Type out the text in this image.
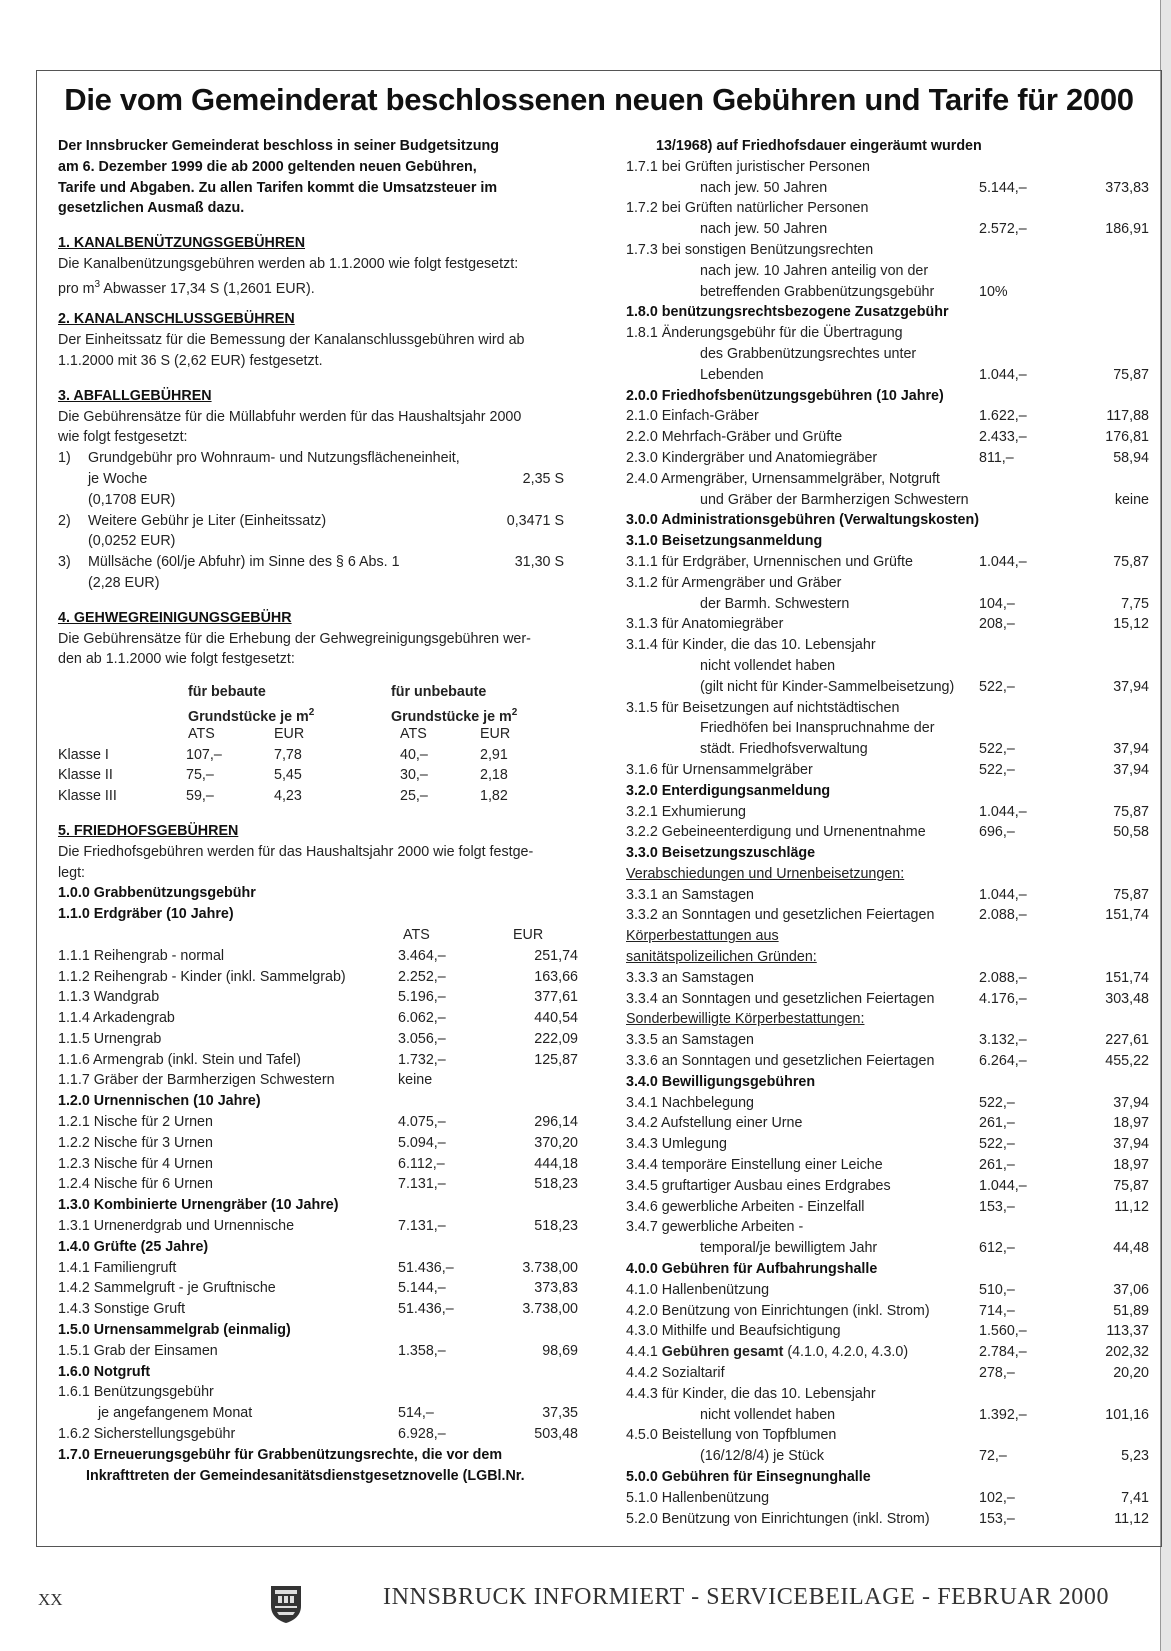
Die vom Gemeinderat beschlossenen neuen Gebühren und Tarife für 2000

Der Innsbrucker Gemeinderat beschloss in seiner Budgetsitzung

am 6. Dezember 1999 die ab 2000 geltenden neuen Gebühren,

Tarife und Abgaben. Zu allen Tarifen kommt die Umsatzsteuer im

gesetzlichen Ausmaß dazu.

1. KANALBENÜTZUNGSGEBÜHREN
Die Kanalbenützungsgebühren werden ab 1.1.2000 wie folgt festgesetzt:
pro $m^3$ Abwasser 17,34 S (1,2601 EUR).
2. KANALANSCHLUSSGEBÜHREN
Der Einheitssatz für die Bemessung der Kanalanschlussgebühren wird ab
1.1.2000 mit 36 S (2,62 EUR) festgesetzt.
3. ABFALLGEBÜHREN
Die Gebührensätze für die Müllabfuhr werden für das Haushaltsjahr 2000
wie folgt festgesetzt:
1) Grundgebühr pro Wohnraum- und Nutzungsflächeneinheit,
je Woche	2,35 S
(0,1708 EUR)
2) Weitere Gebühr je Liter (Einheitssatz)	0,3471 S
(0,0252 EUR)
3) Müllsäche (60l/je Abfuhr) im Sinne des § 6 Abs. 1	31,30 S
(2,28 EUR)
4. GEHWEGREINIGUNGSGEBÜHR
Die Gebührensätze für die Erhebung der Gehwegreinigungsgebühren wer-
den ab 1.1.2000 wie folgt festgesetzt:
für bebaute	für unbebaute
Grundstücke je $m^2$	Grundstücke je $m^2$
ATS	EUR	ATS	EUR
Klasse I	107,–	7,78	40,–	2,91
Klasse II	75,–	5,45	30,–	2,18
Klasse III	59,–	4,23	25,–	1,82
5. FRIEDHOFSGEBÜHREN
Die Friedhofsgebühren werden für das Haushaltsjahr 2000 wie folgt festge-
legt:
1.0.0 Grabbenützungsgebühr
1.1.0 Erdgräber (10 Jahre)
ATS	EUR
1.1.1 Reihengrab - normal	3.464,–	251,74
1.1.2 Reihengrab - Kinder (inkl. Sammelgrab)	2.252,–	163,66
1.1.3 Wandgrab	5.196,–	377,61
1.1.4 Arkadengrab	6.062,–	440,54
1.1.5 Urnengrab	3.056,–	222,09
1.1.6 Armengrab (inkl. Stein und Tafel)	1.732,–	125,87
1.1.7 Gräber der Barmherzigen Schwestern	keine
1.2.0 Urnennischen (10 Jahre)
1.2.1 Nische für 2 Urnen	4.075,–	296,14
1.2.2 Nische für 3 Urnen	5.094,–	370,20
1.2.3 Nische für 4 Urnen	6.112,–	444,18
1.2.4 Nische für 6 Urnen	7.131,–	518,23
1.3.0 Kombinierte Urnengräber (10 Jahre)
1.3.1 Urnenerdgrab und Urnennische	7.131,–	518,23
1.4.0 Grüfte (25 Jahre)
1.4.1 Familiengruft	51.436,–	3.738,00
1.4.2 Sammelgruft - je Gruftnische	5.144,–	373,83
1.4.3 Sonstige Gruft	51.436,–	3.738,00
1.5.0 Urnensammelgrab (einmalig)
1.5.1 Grab der Einsamen	1.358,–	98,69
1.6.0 Notgruft
1.6.1 Benützungsgebühr
je angefangenem Monat	514,–	37,35
1.6.2 Sicherstellungsgebühr	6.928,–	503,48
1.7.0 Erneuerungsgebühr für Grabbenützungsrechte, die vor dem
Inkrafttreten der Gemeindesanitätsdienstgesetznovelle (LGBl.Nr.
13/1968) auf Friedhofsdauer eingeräumt wurden
1.7.1 bei Grüften juristischer Personen
nach jew. 50 Jahren	5.144,–	373,83
1.7.2 bei Grüften natürlicher Personen
nach jew. 50 Jahren	2.572,–	186,91
1.7.3 bei sonstigen Benützungsrechten
nach jew. 10 Jahren anteilig von der
betreffenden Grabbenützungsgebühr	10%
1.8.0 benützungsrechtsbezogene Zusatzgebühr
1.8.1 Änderungsgebühr für die Übertragung
des Grabbenützungsrechtes unter
Lebenden	1.044,–	75,87
2.0.0 Friedhofsbenützungsgebühren (10 Jahre)
2.1.0 Einfach-Gräber	1.622,–	117,88
2.2.0 Mehrfach-Gräber und Grüfte	2.433,–	176,81
2.3.0 Kindergräber und Anatomiegräber	811,–	58,94
2.4.0 Armengräber, Urnensammelgräber, Notgruft
und Gräber der Barmherzigen Schwestern	keine
3.0.0 Administrationsgebühren (Verwaltungskosten)
3.1.0 Beisetzungsanmeldung
3.1.1 für Erdgräber, Urnennischen und Grüfte	1.044,–	75,87
3.1.2 für Armengräber und Gräber
der Barmh. Schwestern	104,–	7,75
3.1.3 für Anatomiegräber	208,–	15,12
3.1.4 für Kinder, die das 10. Lebensjahr
nicht vollendet haben
(gilt nicht für Kinder-Sammelbeisetzung) 522,–	37,94
3.1.5 für Beisetzungen auf nichtstädtischen
Friedhöfen bei Inanspruchnahme der
städt. Friedhofsverwaltung	522,–	37,94
3.1.6 für Urnensammelgräber	522,–	37,94
3.2.0 Enterdigungsanmeldung
3.2.1 Exhumierung	1.044,–	75,87
3.2.2 Gebeineenterdigung und Urnenentnahme	696,–	50,58
3.3.0 Beisetzungszuschläge
Verabschiedungen und Urnenbeisetzungen:
3.3.1 an Samstagen	1.044,–	75,87
3.3.2 an Sonntagen und gesetzlichen Feiertagen	2.088,–	151,74
Körperbestattungen aus
sanitätspolizeilichen Gründen:
3.3.3 an Samstagen	2.088,–	151,74
3.3.4 an Sonntagen und gesetzlichen Feiertagen	4.176,–	303,48
Sonderbewilligte Körperbestattungen:
3.3.5 an Samstagen	3.132,–	227,61
3.3.6 an Sonntagen und gesetzlichen Feiertagen	6.264,–	455,22
3.4.0 Bewilligungsgebühren
3.4.1 Nachbelegung	522,–	37,94
3.4.2 Aufstellung einer Urne	261,–	18,97
3.4.3 Umlegung	522,–	37,94
3.4.4 temporäre Einstellung einer Leiche	261,–	18,97
3.4.5 gruftartiger Ausbau eines Erdgrabes	1.044,–	75,87
3.4.6 gewerbliche Arbeiten - Einzelfall	153,–	11,12
3.4.7 gewerbliche Arbeiten -
temporal/je bewilligtem Jahr	612,–	44,48
4.0.0 Gebühren für Aufbahrungshalle
4.1.0 Hallenbenützung	510,–	37,06
4.2.0 Benützung von Einrichtungen (inkl. Strom)	714,–	51,89
4.3.0 Mithilfe und Beaufsichtigung	1.560,–	113,37
4.4.1 Gebühren gesamt (4.1.0, 4.2.0, 4.3.0)	2.784,–	202,32
4.4.2 Sozialtarif	278,–	20,20
4.4.3 für Kinder, die das 10. Lebensjahr
nicht vollendet haben	1.392,–	101,16
4.5.0 Beistellung von Topfblumen
(16/12/8/4) je Stück	72,–	5,23
5.0.0 Gebühren für Einsegnunghalle
5.1.0 Hallenbenützung	102,–	7,41
5.2.0 Benützung von Einrichtungen (inkl. Strom)	153,–	11,12
XX	INNSBRUCK INFORMIERT - SERVICEBEILAGE - FEBRUAR 2000
